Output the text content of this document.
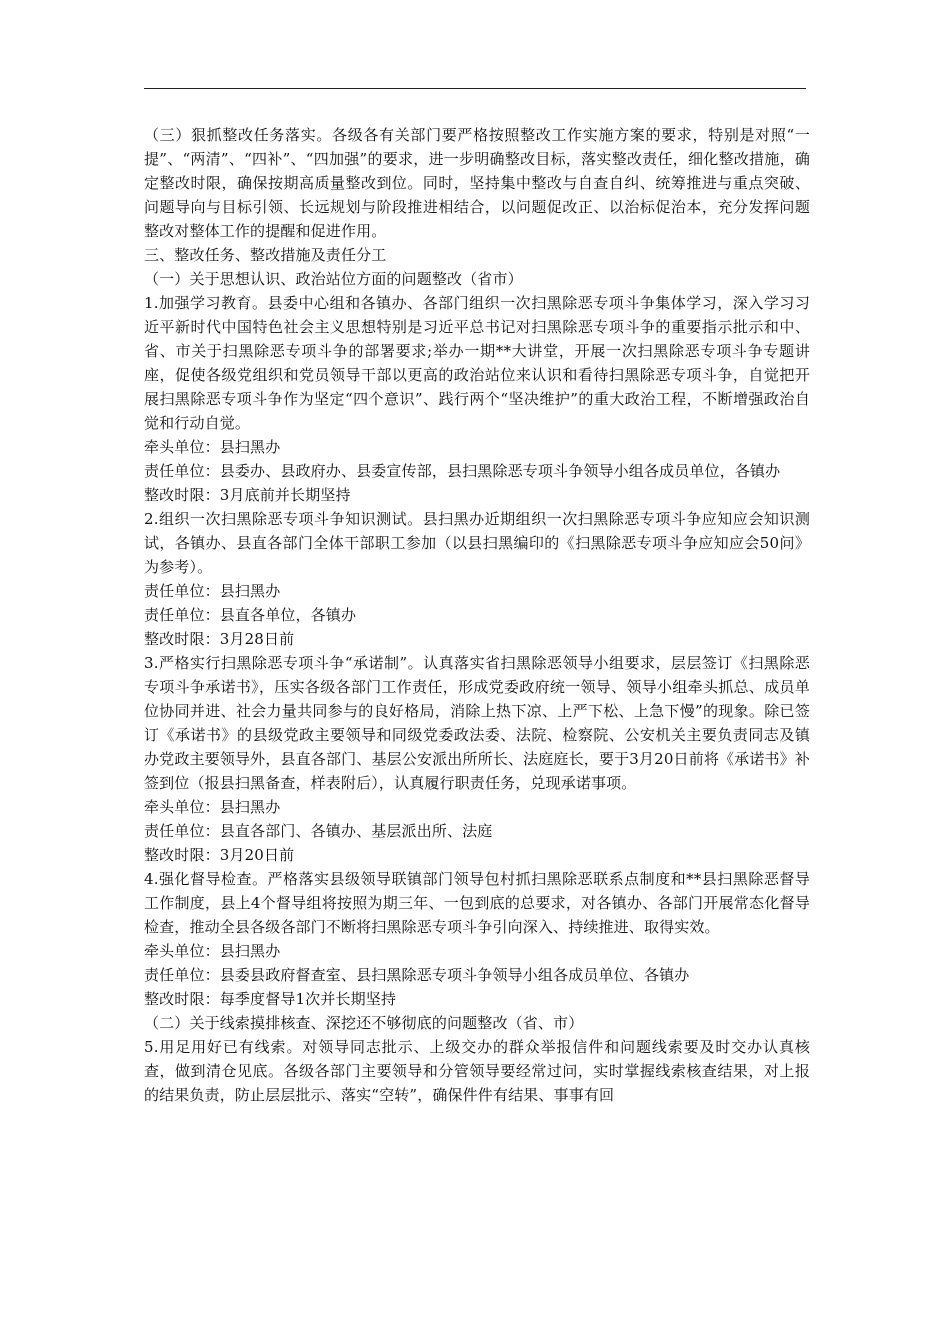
（三）狠抓整改任务落实。各级各有关部门要严格按照整改工作实施方案的要求，特别是对照“一提”、“两清”、“四补”、“四加强”的要求，进一步明确整改目标，落实整改责任，细化整改措施，确定整改时限，确保按期高质量整改到位。同时，坚持集中整改与自查自纠、统筹推进与重点突破、问题导向与目标引领、长远规划与阶段推进相结合，以问题促改正、以治标促治本，充分发挥问题整改对整体工作的提醒和促进作用。

三、整改任务、整改措施及责任分工

（一）关于思想认识、政治站位方面的问题整改（省市）

1.加强学习教育。县委中心组和各镇办、各部门组织一次扫黑除恶专项斗争集体学习，深入学习习近平新时代中国特色社会主义思想特别是习近平总书记对扫黑除恶专项斗争的重要指示批示和中、省、市关于扫黑除恶专项斗争的部署要求;举办一期**大讲堂，开展一次扫黑除恶专项斗争专题讲座，促使各级党组织和党员领导干部以更高的政治站位来认识和看待扫黑除恶专项斗争，自觉把开展扫黑除恶专项斗争作为坚定“四个意识”、践行两个“坚决维护”的重大政治工程，不断增强政治自觉和行动自觉。

牵头单位：县扫黑办

责任单位：县委办、县政府办、县委宣传部，县扫黑除恶专项斗争领导小组各成员单位，各镇办

整改时限：3月底前并长期坚持

2.组织一次扫黑除恶专项斗争知识测试。县扫黑办近期组织一次扫黑除恶专项斗争应知应会知识测试，各镇办、县直各部门全体干部职工参加（以县扫黑编印的《扫黑除恶专项斗争应知应会50问》为参考）。

责任单位：县扫黑办

责任单位：县直各单位，各镇办

整改时限：3月28日前

3.严格实行扫黑除恶专项斗争“承诺制”。认真落实省扫黑除恶领导小组要求，层层签订《扫黑除恶专项斗争承诺书》，压实各级各部门工作责任，形成党委政府统一领导、领导小组牵头抓总、成员单位协同并进、社会力量共同参与的良好格局，消除上热下凉、上严下松、上急下慢”的现象。除已签订《承诺书》的县级党政主要领导和同级党委政法委、法院、检察院、公安机关主要负责同志及镇办党政主要领导外，县直各部门、基层公安派出所所长、法庭庭长，要于3月20日前将《承诺书》补签到位（报县扫黑备查，样表附后），认真履行职责任务，兑现承诺事项。

牵头单位：县扫黑办

责任单位：县直各部门、各镇办、基层派出所、法庭

整改时限：3月20日前

4.强化督导检查。严格落实县级领导联镇部门领导包村抓扫黑除恶联系点制度和**县扫黑除恶督导工作制度，县上4个督导组将按照为期三年、一包到底的总要求，对各镇办、各部门开展常态化督导检查，推动全县各级各部门不断将扫黑除恶专项斗争引向深入、持续推进、取得实效。

牵头单位：县扫黑办

责任单位：县委县政府督查室、县扫黑除恶专项斗争领导小组各成员单位、各镇办

整改时限：每季度督导1次并长期坚持

（二）关于线索摸排核查、深挖还不够彻底的问题整改（省、市）

5.用足用好已有线索。对领导同志批示、上级交办的群众举报信件和问题线索要及时交办认真核查，做到清仓见底。各级各部门主要领导和分管领导要经常过问，实时掌握线索核查结果，对上报的结果负责，防止层层批示、落实“空转”，确保件件有结果、事事有回
